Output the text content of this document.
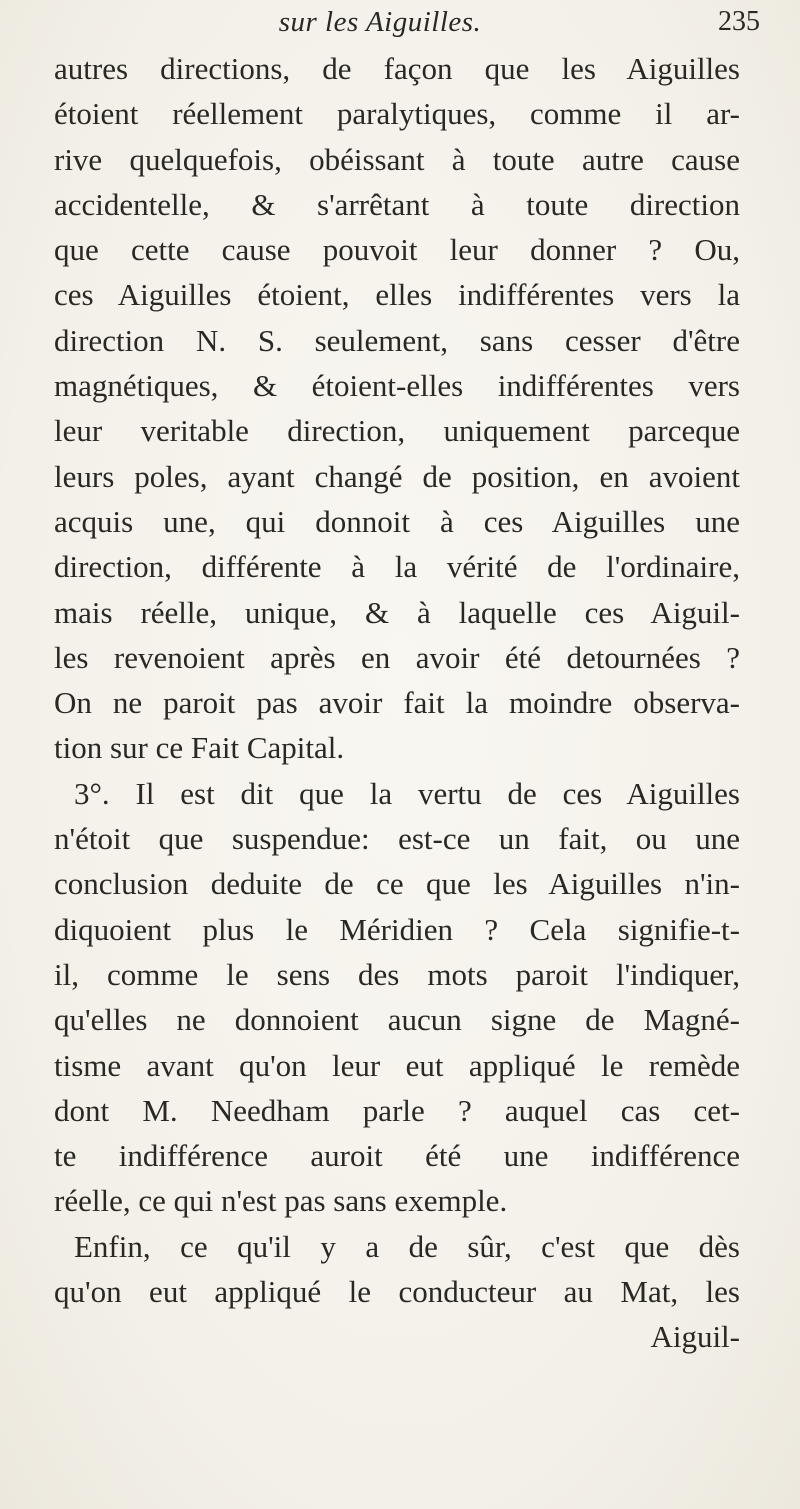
sur les Aiguilles.	235
autres directions, de façon que les Aiguilles
étoient réellement paralytiques, comme il ar-
rive quelquefois, obéissant à toute autre cause
accidentelle, & s'arrêtant à toute direction
que cette cause pouvoit leur donner ? Ou,
ces Aiguilles étoient, elles indifférentes vers la
direction N. S. seulement, sans cesser d'être
magnétiques, & étoient-elles indifférentes vers
leur veritable direction, uniquement parceque
leurs poles, ayant changé de position, en avoient
acquis une, qui donnoit à ces Aiguilles une
direction, différente à la vérité de l'ordinaire,
mais réelle, unique, & à laquelle ces Aiguil-
les revenoient après en avoir été detournées ?
On ne paroit pas avoir fait la moindre observa-
tion sur ce Fait Capital.
3°. Il est dit que la vertu de ces Aiguilles
n'étoit que suspendue: est-ce un fait, ou une
conclusion deduite de ce que les Aiguilles n'in-
diquoient plus le Méridien ? Cela signifie-t-
il, comme le sens des mots paroit l'indiquer,
qu'elles ne donnoient aucun signe de Magné-
tisme avant qu'on leur eut appliqué le remède
dont M. Needham parle ? auquel cas cet-
te indifférence auroit été une indifférence
réelle, ce qui n'est pas sans exemple.
Enfin, ce qu'il y a de sûr, c'est que dès
qu'on eut appliqué le conducteur au Mat, les
Aiguil-
